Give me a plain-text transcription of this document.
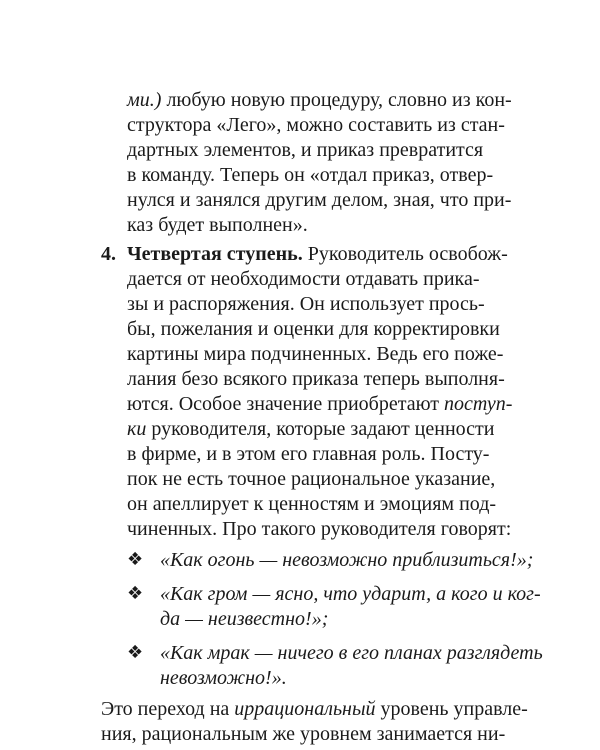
ми.) любую новую процедуру, словно из кон-
структора «Лего», можно составить из стан-
дартных элементов, и приказ превратится
в команду. Теперь он «отдал приказ, отвер-
нулся и занялся другим делом, зная, что при-
каз будет выполнен».
4. Четвертая ступень. Руководитель освобож-
дается от необходимости отдавать прика-
зы и распоряжения. Он использует прось-
бы, пожелания и оценки для корректировки
картины мира подчиненных. Ведь его поже-
лания безо всякого приказа теперь выполня-
ются. Особое значение приобретают поступ-
ки руководителя, которые задают ценности
в фирме, и в этом его главная роль. Посту-
пок не есть точное рациональное указание,
он апеллирует к ценностям и эмоциям под-
чиненных. Про такого руководителя говорят:
❖ «Как огонь — невозможно приблизиться!»;
❖ «Как гром — ясно, что ударит, а кого и ког-
да — неизвестно!»;
❖ «Как мрак — ничего в его планах разглядеть
невозможно!».
Это переход на иррациональный уровень управле-
ния, рациональным же уровнем занимается ни-
